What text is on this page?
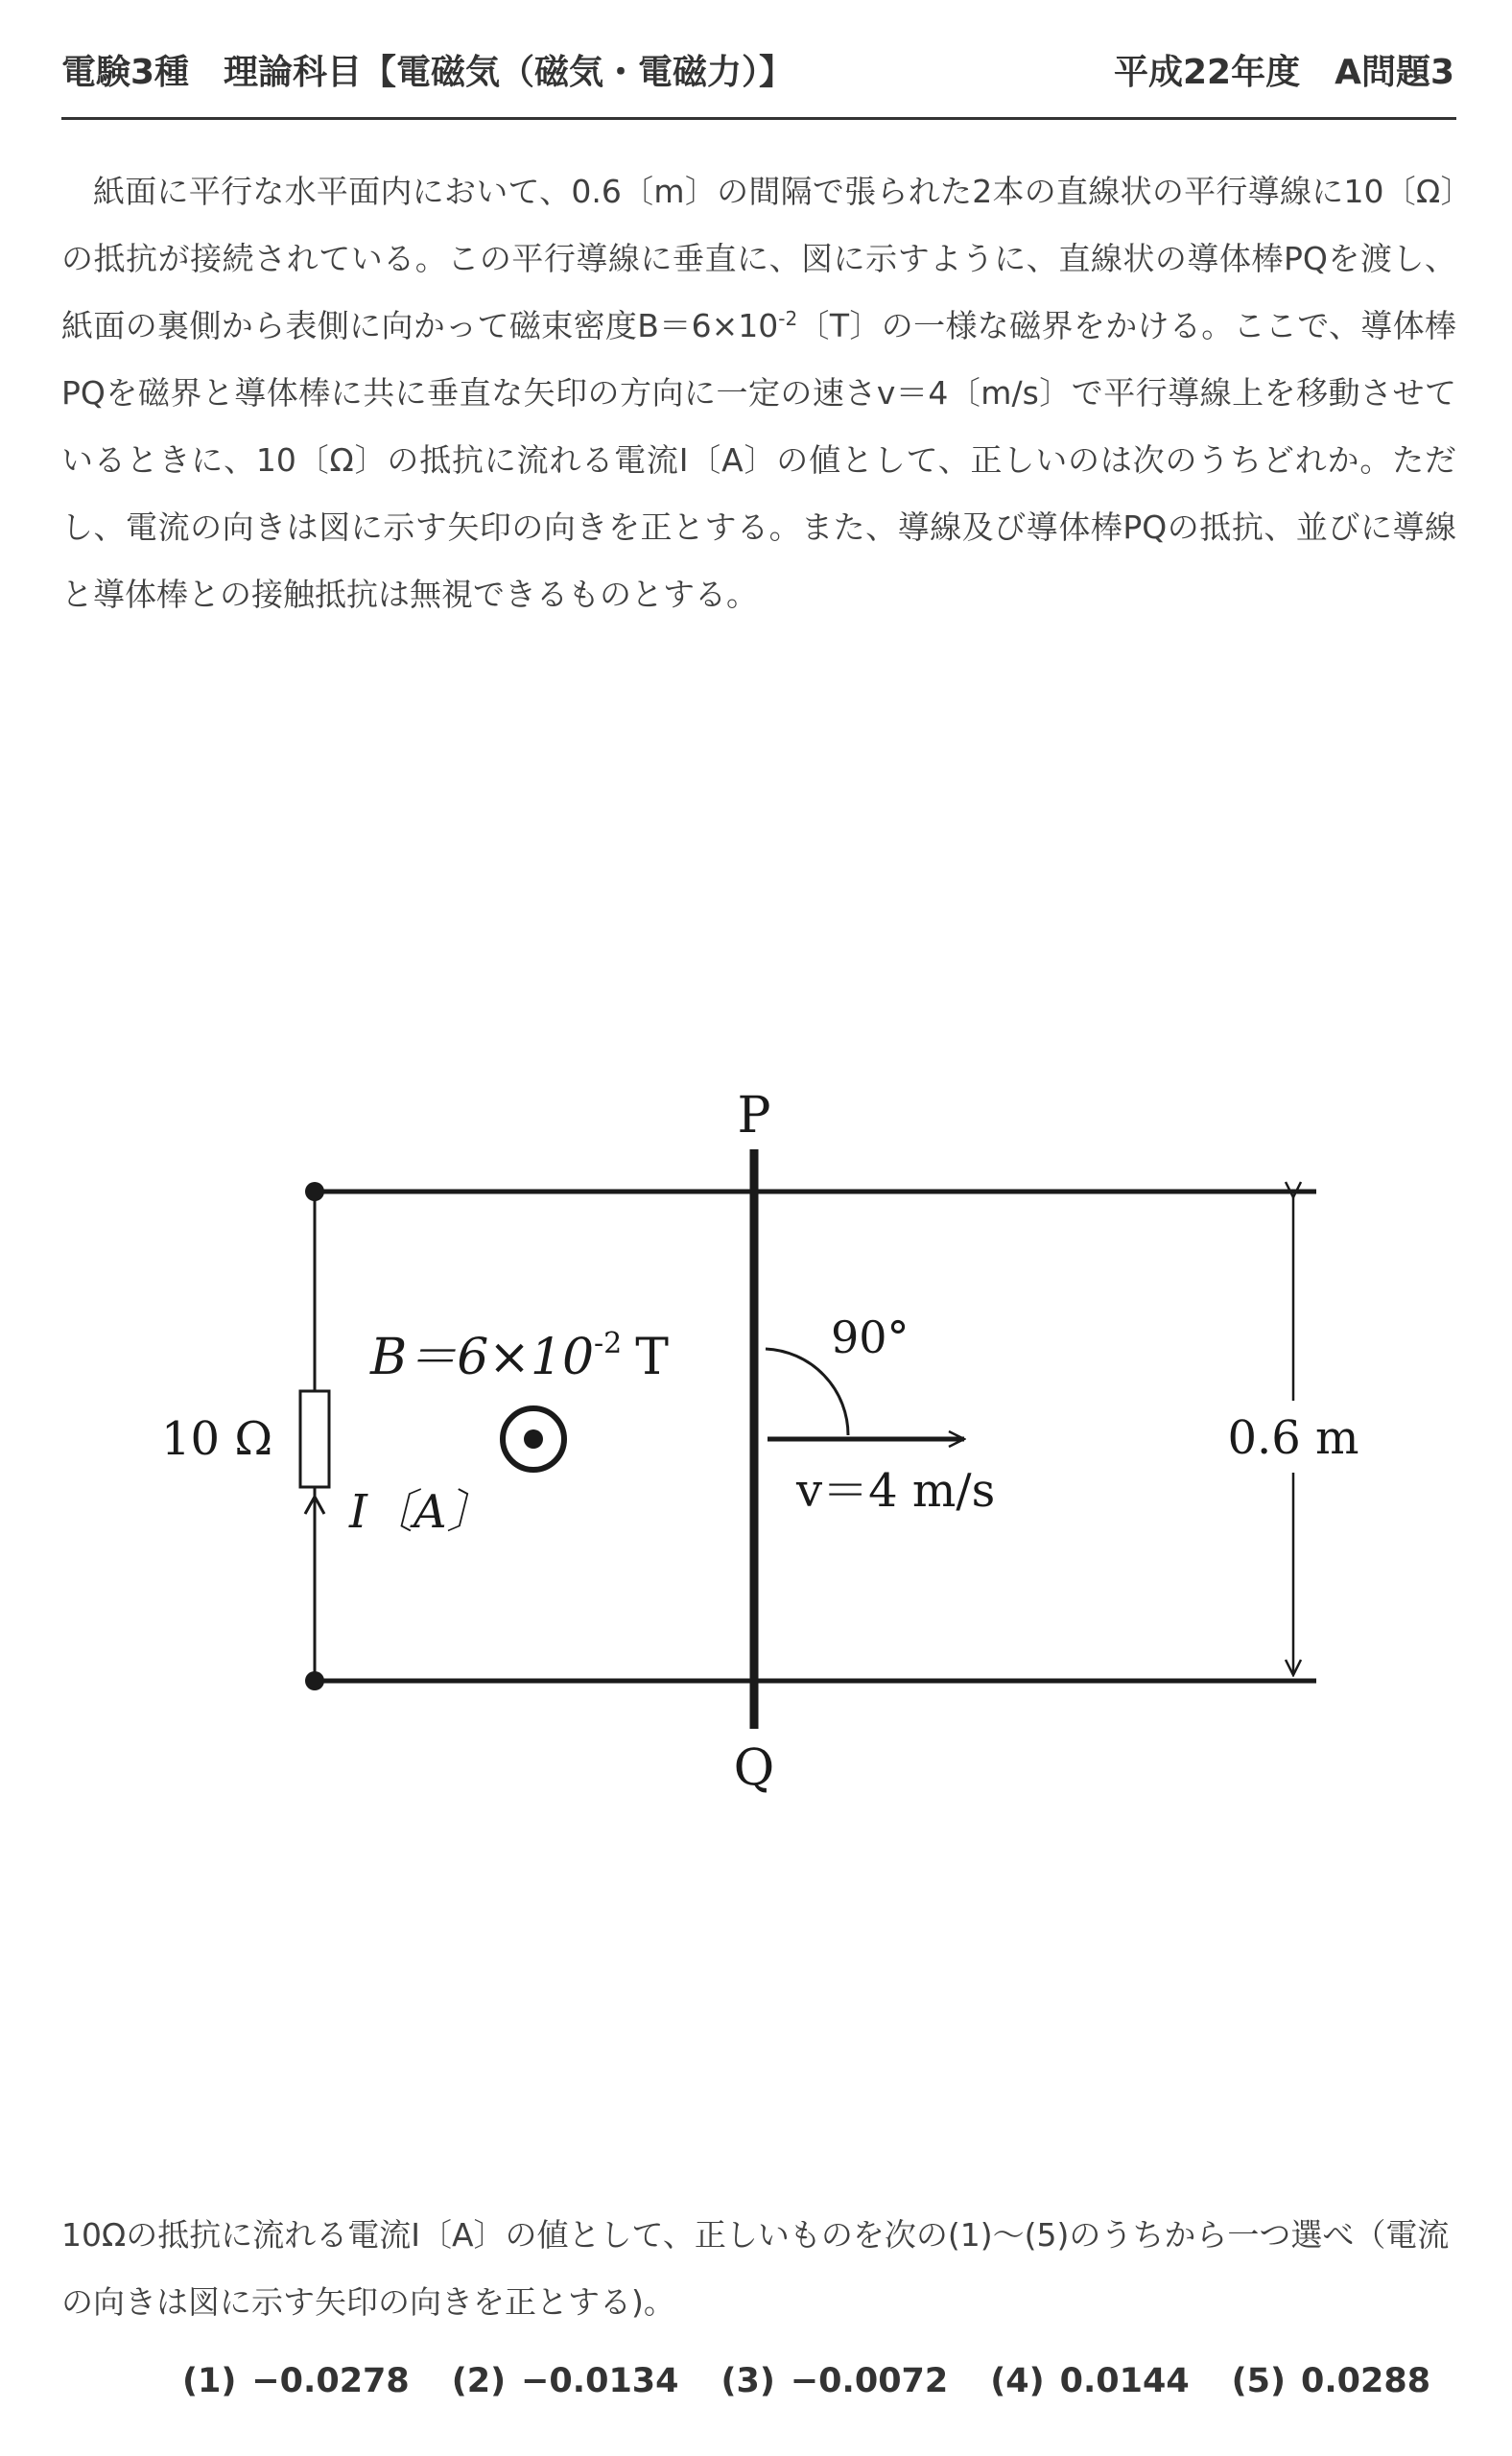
電験3種　理論科目【電磁気（磁気・電磁力）】	平成22年度　A問題3

紙面に平行な水平面内において、0.6〔m〕の間隔で張られた2本の直線状の平行導線に10〔Ω〕の抵抗が接続されている。この平行導線に垂直に、図に示すように、直線状の導体棒PQを渡し、紙面の裏側から表側に向かって磁束密度$B=6\times 10^{-2}$〔T〕の一様な磁界をかける。ここで、導体棒PQを磁界と導体棒に共に垂直な矢印の方向に一定の速さv＝4〔m/s〕で平行導線上を移動させているときに、10〔Ω〕の抵抗に流れる電流I〔A〕の値として、正しいのは次のうちどれか。ただし、電流の向きは図に示す矢印の向きを正とする。また、導線及び導体棒PQの抵抗、並びに導線と導体棒との接触抵抗は無視できるものとする。

P
Q
$B=6\times 10^{-2}$ T	90°
10 Ω
I〔A〕	v＝4 m/s
0.6 m

10Ωの抵抗に流れる電流I〔A〕の値として、正しいものを次の(1)～(5)のうちから一つ選べ（電流の向きは図に示す矢印の向きを正とする)。

(1) −0.0278 (2) −0.0134 (3) −0.0072 (4) 0.0144 (5) 0.0288
